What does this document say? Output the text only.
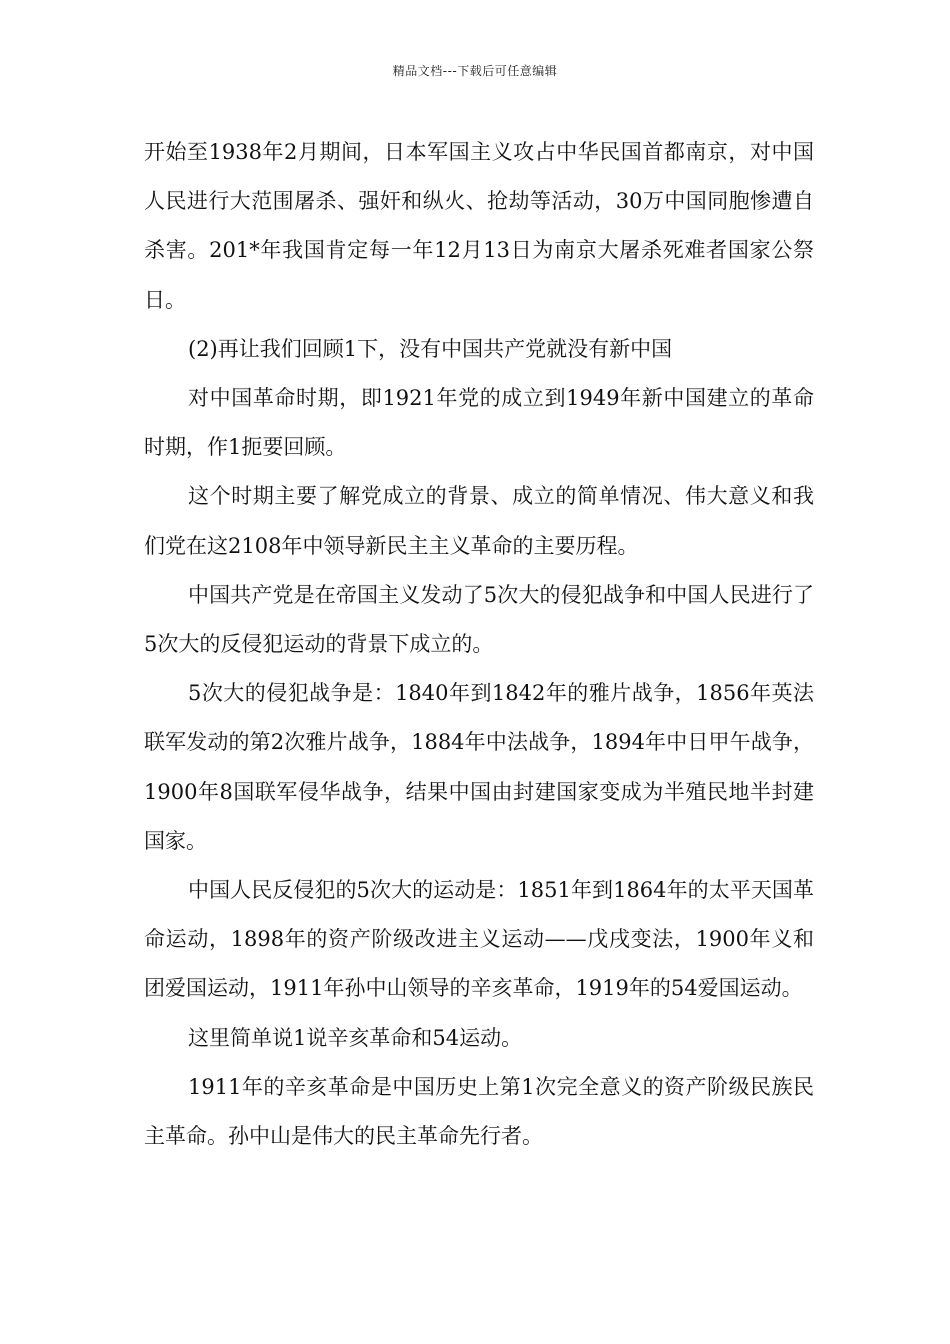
精品文档---下载后可任意编辑

开始至1938年2月期间，日本军国主义攻占中华民国首都南京，对中国人民进行大范围屠杀、强奸和纵火、抢劫等活动，30万中国同胞惨遭自杀害。201*年我国肯定每一年12月13日为南京大屠杀死难者国家公祭日。

(2)再让我们回顾1下，没有中国共产党就没有新中国

对中国革命时期，即1921年党的成立到1949年新中国建立的革命时期，作1扼要回顾。

这个时期主要了解党成立的背景、成立的简单情况、伟大意义和我们党在这2108年中领导新民主主义革命的主要历程。

中国共产党是在帝国主义发动了5次大的侵犯战争和中国人民进行了5次大的反侵犯运动的背景下成立的。

5次大的侵犯战争是：1840年到1842年的雅片战争，1856年英法联军发动的第2次雅片战争，1884年中法战争，1894年中日甲午战争，1900年8国联军侵华战争，结果中国由封建国家变成为半殖民地半封建国家。

中国人民反侵犯的5次大的运动是：1851年到1864年的太平天国革命运动，1898年的资产阶级改进主义运动——戊戌变法，1900年义和团爱国运动，1911年孙中山领导的辛亥革命，1919年的54爱国运动。

这里简单说1说辛亥革命和54运动。

1911年的辛亥革命是中国历史上第1次完全意义的资产阶级民族民主革命。孙中山是伟大的民主革命先行者。
